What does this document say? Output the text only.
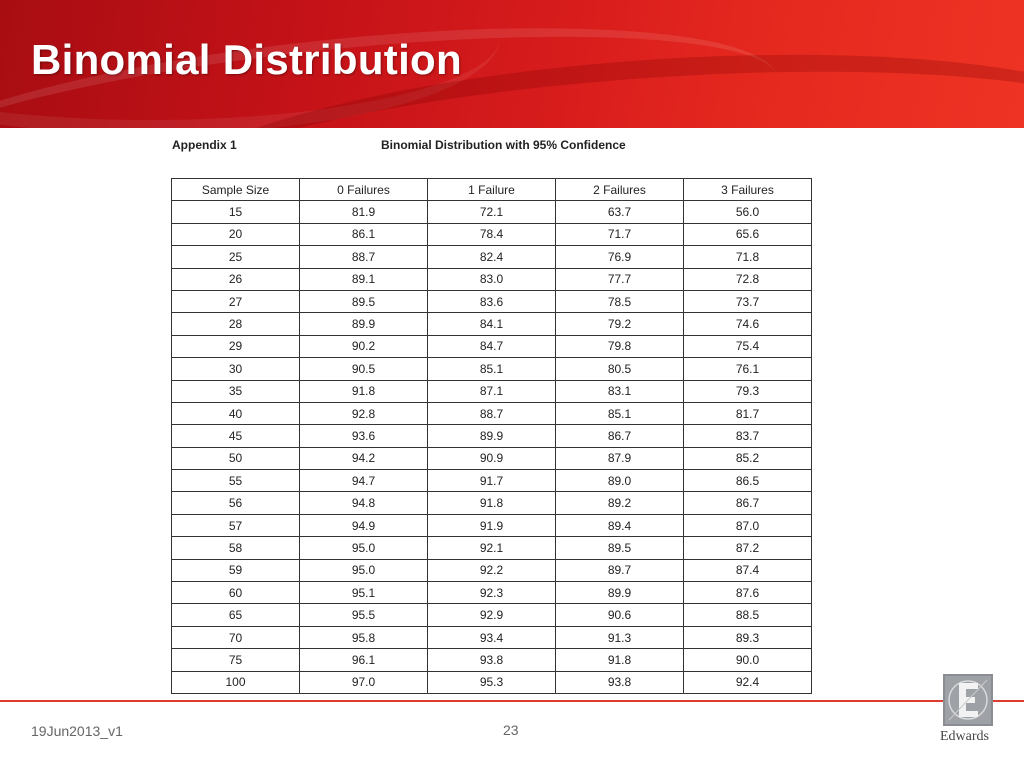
Binomial Distribution
Appendix 1	Binomial Distribution with 95% Confidence
Sample Size	0 Failures	1 Failure	2 Failures	3 Failures
15	81.9	72.1	63.7	56.0
20	86.1	78.4	71.7	65.6
25	88.7	82.4	76.9	71.8
26	89.1	83.0	77.7	72.8
27	89.5	83.6	78.5	73.7
28	89.9	84.1	79.2	74.6
29	90.2	84.7	79.8	75.4
30	90.5	85.1	80.5	76.1
35	91.8	87.1	83.1	79.3
40	92.8	88.7	85.1	81.7
45	93.6	89.9	86.7	83.7
50	94.2	90.9	87.9	85.2
55	94.7	91.7	89.0	86.5
56	94.8	91.8	89.2	86.7
57	94.9	91.9	89.4	87.0
58	95.0	92.1	89.5	87.2
59	95.0	92.2	89.7	87.4
60	95.1	92.3	89.9	87.6
65	95.5	92.9	90.6	88.5
70	95.8	93.4	91.3	89.3
75	96.1	93.8	91.8	90.0
100	97.0	95.3	93.8	92.4
19Jun2013_v1	23	Edwards
